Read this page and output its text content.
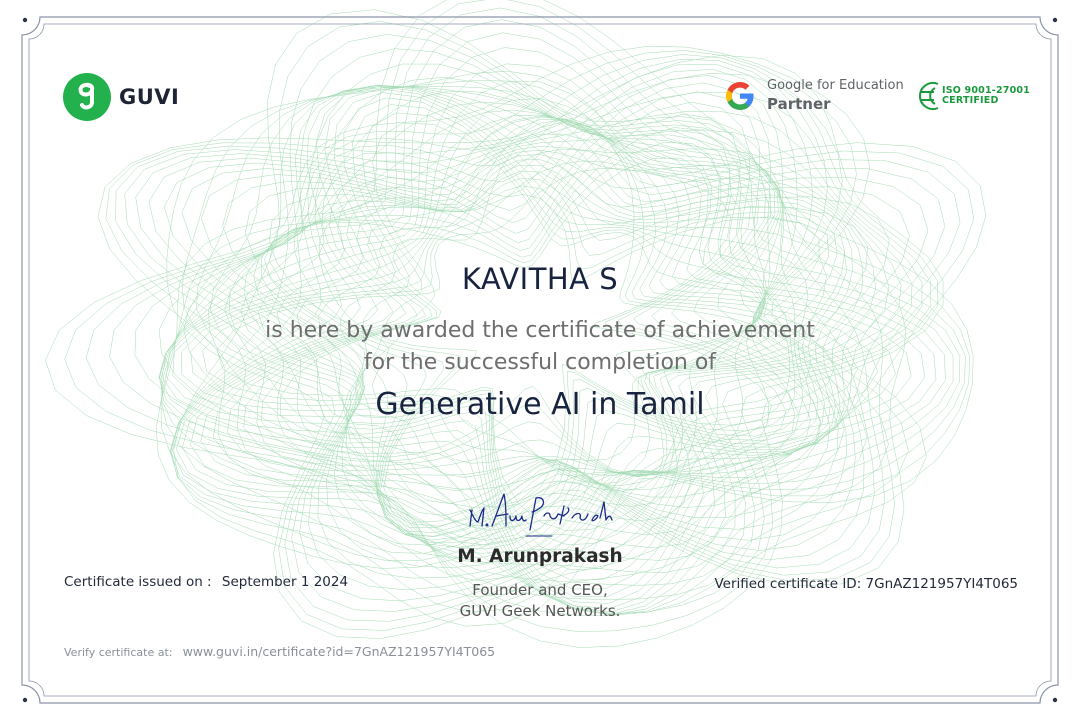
GUVI	Google for Education
Partner
ISO 9001-27001
CERTIFIED
KAVITHA S
is here by awarded the certificate of achievement
for the successful completion of
Generative AI in Tamil
M. Arunprakash
Founder and CEO,
GUVI Geek Networks.
Certificate issued on : September 1 2024	Verified certificate ID: 7GnAZ121957YI4T065
Verify certificate at: www.guvi.in/certificate?id=7GnAZ121957YI4T065
